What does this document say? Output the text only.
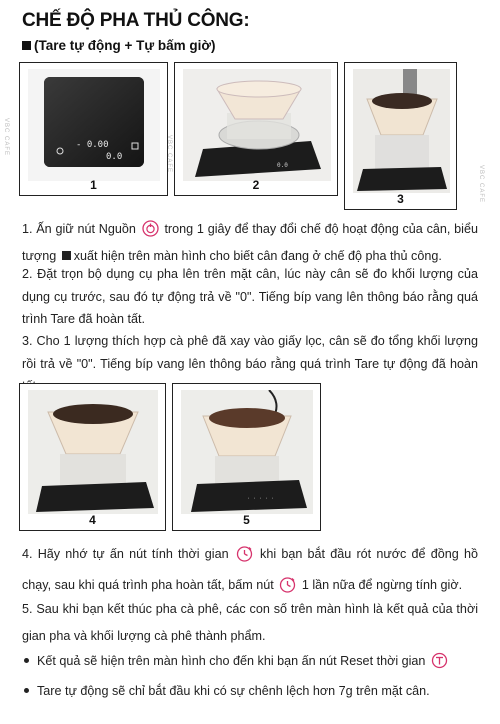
CHẾ ĐỘ PHA THỦ CÔNG:
(Tare tự động + Tự bấm giờ)
- 0.00
0.0
1
0.0
2
3
VBC CAFE	VBC CAFE
VBC CAFE

1. Ấn giữ nút Nguồn trong 1 giây để thay đổi chế độ hoạt động của cân, biểu tượng xuất hiện trên màn hình cho biết cân đang ở chế độ pha thủ công.

2. Đặt trọn bộ dụng cụ pha lên trên mặt cân, lúc này cân sẽ đo khối lượng của dụng cụ trước, sau đó tự động trả về "0". Tiếng bíp vang lên thông báo rằng quá trình Tare đã hoàn tất.

3. Cho 1 lượng thích hợp cà phê đã xay vào giấy lọc, cân sẽ đo tổng khối lượng rồi trả về "0". Tiếng bíp vang lên thông báo rằng quá trình Tare tự động đã hoàn

4
· · · · ·
5

4. Hãy nhớ tự ấn nút tính thời gian khi bạn bắt đầu rót nước để đồng hồ chạy, sau khi quá trình pha hoàn tất, bấm nút 1 lần nữa để ngừng tính giờ.

5. Sau khi bạn kết thúc pha cà phê, các con số trên màn hình là kết quả của thời gian pha và khối lượng cà phê thành phẩm.

Kết quả sẽ hiện trên màn hình cho đến khi bạn ấn nút Reset thời gian

Tare tự động sẽ chỉ bắt đầu khi có sự chênh lệch hơn 7g trên mặt cân.
